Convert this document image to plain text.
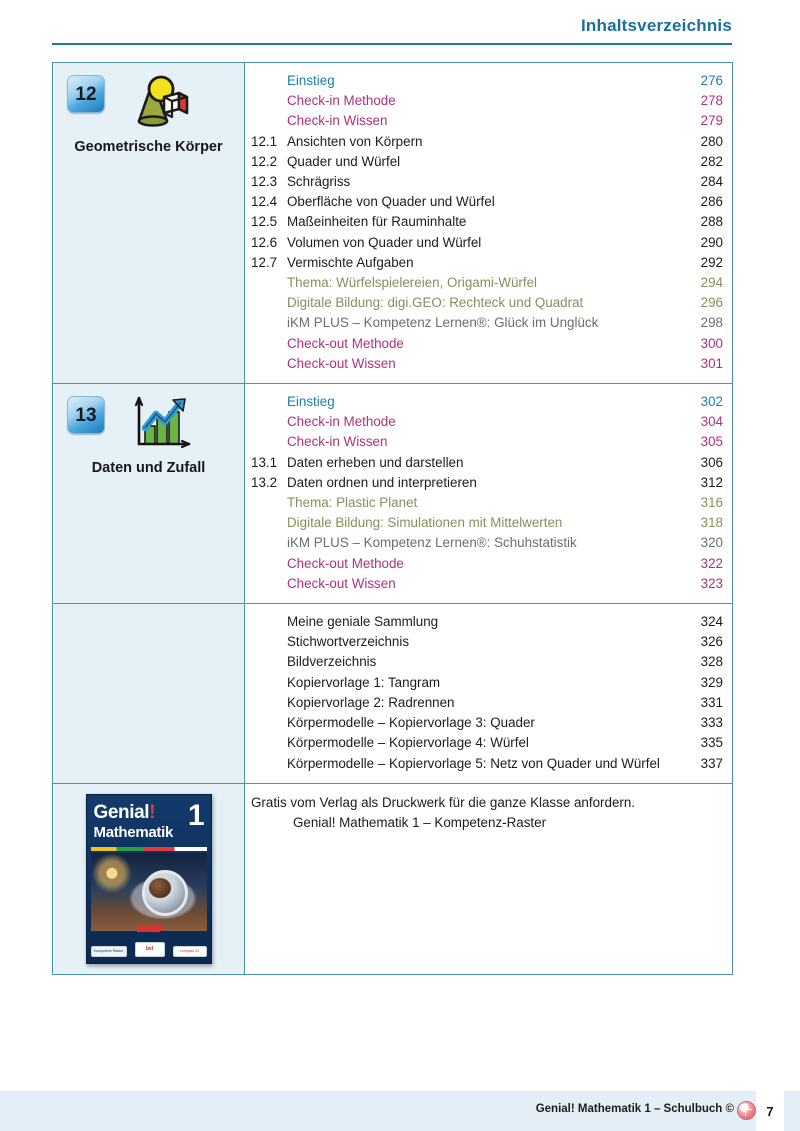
Inhaltsverzeichnis
12
Geometrische Körper
Einstieg	276
Check-in Methode	278
Check-in Wissen	279
12.1 Ansichten von Körpern	280
12.2 Quader und Würfel	282
12.3 Schrägriss	284
12.4 Oberfläche von Quader und Würfel	286
12.5 Maßeinheiten für Rauminhalte	288
12.6 Volumen von Quader und Würfel	290
12.7 Vermischte Aufgaben	292
Thema: Würfelspielereien, Origami-Würfel	294
Digitale Bildung: digi.GEO: Rechteck und Quadrat	296
iKM PLUS – Kompetenz Lernen®: Glück im Unglück	298
Check-out Methode	300
Check-out Wissen	301
13
Daten und Zufall
Einstieg	302
Check-in Methode	304
Check-in Wissen	305
13.1 Daten erheben und darstellen	306
13.2 Daten ordnen und interpretieren	312
Thema: Plastic Planet	316
Digitale Bildung: Simulationen mit Mittelwerten	318
iKM PLUS – Kompetenz Lernen®: Schuhstatistik	320
Check-out Methode	322
Check-out Wissen	323
Meine geniale Sammlung	324
Stichwortverzeichnis	326
Bildverzeichnis	328
Kopiervorlage 1: Tangram	329
Kopiervorlage 2: Radrennen	331
Körpermodelle – Kopiervorlage 3: Quader	333
Körpermodelle – Kopiervorlage 4: Würfel	335
Körpermodelle – Kopiervorlage 5: Netz von Quader und Würfel	337
Genial!
Mathematik
1
Kompetenz Raster	bvl	Lehrplan 23
Gratis vom Verlag als Druckwerk für die ganze Klasse anfordern.
Genial! Mathematik 1 – Kompetenz-Raster
Genial! Mathematik 1 – Schulbuch ©	7
